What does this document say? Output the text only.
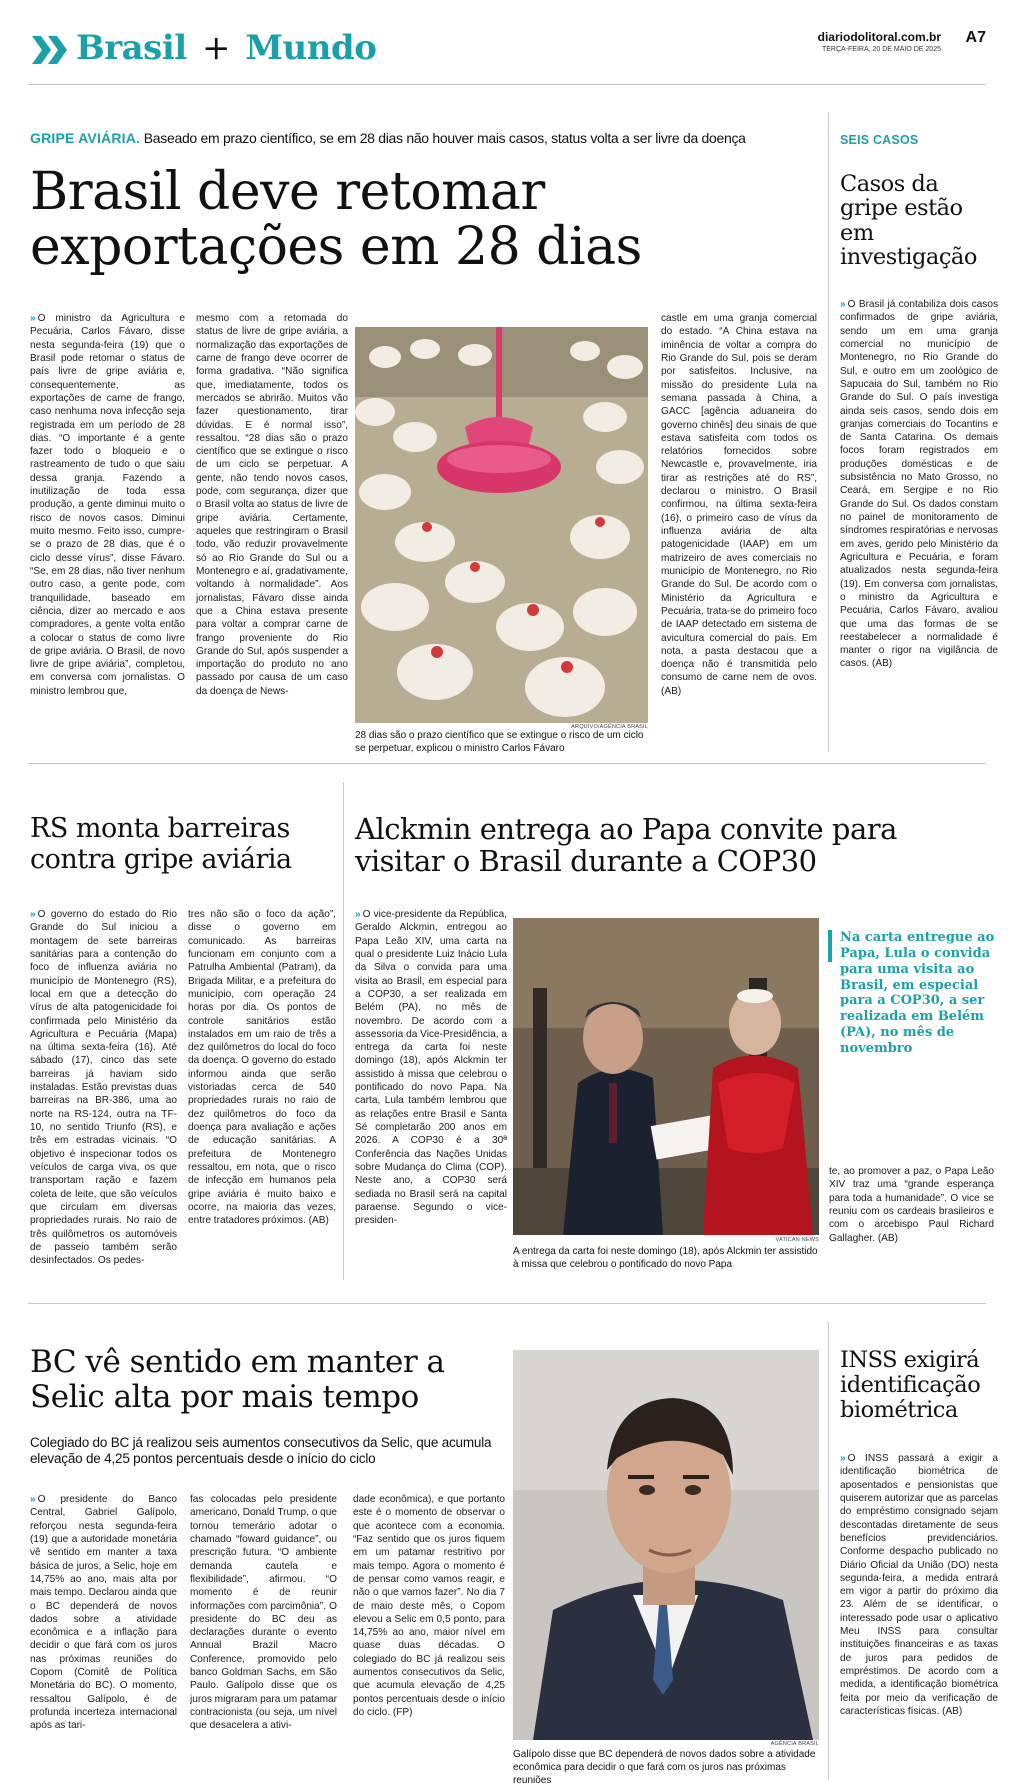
Brasil + Mundo	diariodolitoral.com.br
TERÇA-FEIRA, 20 DE MAIO DE 2025
A7
GRIPE AVIÁRIA. Baseado em prazo científico, se em 28 dias não houver mais casos, status volta a ser livre da doença
Brasil deve retomar
exportações em 28 dias
» O ministro da Agricultura e Pecuária, Carlos Fávaro, disse nesta segunda-feira (19) que o Brasil pode retomar o status de país livre de gripe aviária e, consequentemente, as exportações de carne de frango, caso nenhuma nova infecção seja registrada em um período de 28 dias. “O importante é a gente fazer todo o bloqueio e o rastreamento de tudo o que saiu dessa granja. Fazendo a inutilização de toda essa produção, a gente diminui muito o risco de novos casos. Diminui muito mesmo. Feito isso, cumpre-se o prazo de 28 dias, que é o ciclo desse vírus”, disse Fávaro. “Se, em 28 dias, não tiver nenhum outro caso, a gente pode, com tranquilidade, baseado em ciência, dizer ao mercado e aos compradores, a gente volta então a colocar o status de como livre de gripe aviária. O Brasil, de novo livre de gripe aviária”, completou, em conversa com jornalistas. O ministro lembrou que,
mesmo com a retomada do status de livre de gripe aviária, a normalização das exportações de carne de frango deve ocorrer de forma gradativa. “Não significa que, imediatamente, todos os mercados se abrirão. Muitos vão fazer questionamento, tirar dúvidas. E é normal isso”, ressaltou. “28 dias são o prazo científico que se extingue o risco de um ciclo se perpetuar. A gente, não tendo novos casos, pode, com segurança, dizer que o Brasil volta ao status de livre de gripe aviária. Certamente, aqueles que restringiram o Brasil todo, vão reduzir provavelmente só ao Rio Grande do Sul ou a Montenegro e aí, gradativamente, voltando à normalidade”. Aos jornalistas, Fávaro disse ainda que a China estava presente para voltar a comprar carne de frango proveniente do Rio Grande do Sul, após suspender a importação do produto no ano passado por causa de um caso da doença de News-
ARQUIVO/AGÊNCIA BRASIL
28 dias são o prazo científico que se extingue o risco de um ciclo se perpetuar, explicou o ministro Carlos Fávaro
castle em uma granja comercial do estado. “A China estava na iminência de voltar a compra do Rio Grande do Sul, pois se deram por satisfeitos. Inclusive, na missão do presidente Lula na semana passada à China, a GACC [agência aduaneira do governo chinês] deu sinais de que estava satisfeita com todos os relatórios fornecidos sobre Newcastle e, provavelmente, iria tirar as restrições até do RS”, declarou o ministro. O Brasil confirmou, na última sexta-feira (16), o primeiro caso de vírus da influenza aviária de alta patogenicidade (IAAP) em um matrizeiro de aves comerciais no município de Montenegro, no Rio Grande do Sul. De acordo com o Ministério da Agricultura e Pecuária, trata-se do primeiro foco de IAAP detectado em sistema de avicultura comercial do país. Em nota, a pasta destacou que a doença não é transmitida pelo consumo de carne nem de ovos. (AB)
SEIS CASOS
Casos da gripe estão em investigação
» O Brasil já contabiliza dois casos confirmados de gripe aviária, sendo um em uma granja comercial no município de Montenegro, no Rio Grande do Sul, e outro em um zoológico de Sapucaia do Sul, também no Rio Grande do Sul. O país investiga ainda seis casos, sendo dois em granjas comerciais do Tocantins e de Santa Catarina. Os demais focos foram registrados em produções domésticas e de subsistência no Mato Grosso, no Ceará, em Sergipe e no Rio Grande do Sul. Os dados constam no painel de monitoramento de síndromes respiratórias e nervosas em aves, gerido pelo Ministério da Agricultura e Pecuária, e foram atualizados nesta segunda-feira (19). Em conversa com jornalistas, o ministro da Agricultura e Pecuária, Carlos Fávaro, avaliou que uma das formas de se reestabelecer a normalidade é manter o rigor na vigilância de casos. (AB)
RS monta barreiras contra gripe aviária
» O governo do estado do Rio Grande do Sul iniciou a montagem de sete barreiras sanitárias para a contenção do foco de influenza aviária no município de Montenegro (RS), local em que a detecção do vírus de alta patogenicidade foi confirmada pelo Ministério da Agricultura e Pecuária (Mapa) na última sexta-feira (16). Até sábado (17), cinco das sete barreiras já haviam sido instaladas. Estão previstas duas barreiras na BR-386, uma ao norte na RS-124, outra na TF-10, no sentido Triunfo (RS), e três em estradas vicinais. “O objetivo é inspecionar todos os veículos de carga viva, os que transportam ração e fazem coleta de leite, que são veículos que circulam em diversas propriedades rurais. No raio de três quilômetros os automóveis de passeio também serão desinfectados. Os pedes-
tres não são o foco da ação”, disse o governo em comunicado. As barreiras funcionam em conjunto com a Patrulha Ambiental (Patram), da Brigada Militar, e a prefeitura do município, com operação 24 horas por dia. Os pontos de controle sanitários estão instalados em um raio de três a dez quilômetros do local do foco da doença. O governo do estado informou ainda que serão vistoriadas cerca de 540 propriedades rurais no raio de dez quilômetros do foco da doença para avaliação e ações de educação sanitárias. A prefeitura de Montenegro ressaltou, em nota, que o risco de infecção em humanos pela gripe aviária é muito baixo e ocorre, na maioria das vezes, entre tratadores próximos. (AB)
Alckmin entrega ao Papa convite para visitar o Brasil durante a COP30
» O vice-presidente da República, Geraldo Alckmin, entregou ao Papa Leão XIV, uma carta na qual o presidente Luiz Inácio Lula da Silva o convida para uma visita ao Brasil, em especial para a COP30, a ser realizada em Belém (PA), no mês de novembro. De acordo com a assessoria da Vice-Presidência, a entrega da carta foi neste domingo (18), após Alckmin ter assistido à missa que celebrou o pontificado do novo Papa. Na carta, Lula também lembrou que as relações entre Brasil e Santa Sé completarão 200 anos em 2026. A COP30 é a 30ª Conferência das Nações Unidas sobre Mudança do Clima (COP). Neste ano, a COP30 será sediada no Brasil será na capital paraense. Segundo o vice-presiden-
VATICAN NEWS
A entrega da carta foi neste domingo (18), após Alckmin ter assistido à missa que celebrou o pontificado do novo Papa
Na carta entregue ao Papa, Lula o convida para uma visita ao Brasil, em especial para a COP30, a ser realizada em Belém (PA), no mês de novembro
te, ao promover a paz, o Papa Leão XIV traz uma “grande esperança para toda a humanidade”. O vice se reuniu com os cardeais brasileiros e com o arcebispo Paul Richard Gallagher. (AB)
BC vê sentido em manter a Selic alta por mais tempo
Colegiado do BC já realizou seis aumentos consecutivos da Selic, que acumula elevação de 4,25 pontos percentuais desde o início do ciclo
» O presidente do Banco Central, Gabriel Galípolo, reforçou nesta segunda-feira (19) que a autoridade monetária vê sentido em manter a taxa básica de juros, a Selic, hoje em 14,75% ao ano, mais alta por mais tempo. Declarou ainda que o BC dependerá de novos dados sobre a atividade econômica e a inflação para decidir o que fará com os juros nas próximas reuniões do Copom (Comitê de Política Monetária do BC). O momento, ressaltou Galípolo, é de profunda incerteza internacional após as tari-
fas colocadas pelo presidente americano, Donald Trump, o que tornou temerário adotar o chamado “foward guidance”, ou prescrição futura. “O ambiente demanda cautela e flexibilidade”, afirmou. “O momento é de reunir informações com parcimônia”. O presidente do BC deu as declarações durante o evento Annual Brazil Macro Conference, promovido pelo banco Goldman Sachs, em São Paulo. Galípolo disse que os juros migraram para um patamar contracionista (ou seja, um nível que desacelera a ativi-
dade econômica), e que portanto este é o momento de observar o que acontece com a economia. “Faz sentido que os juros fiquem em um patamar restritivo por mais tempo. Agora o momento é de pensar como vamos reagir, e não o que vamos fazer”. No dia 7 de maio deste mês, o Copom elevou a Selic em 0,5 ponto, para 14,75% ao ano, maior nível em quase duas décadas. O colegiado do BC já realizou seis aumentos consecutivos da Selic, que acumula elevação de 4,25 pontos percentuais desde o início do ciclo. (FP)
AGÊNCIA BRASIL
Galípolo disse que BC dependerá de novos dados sobre a atividade econômica para decidir o que fará com os juros nas próximas reuniões
INSS exigirá identificação biométrica
» O INSS passará a exigir a identificação biométrica de aposentados e pensionistas que quiserem autorizar que as parcelas do empréstimo consignado sejam descontadas diretamente de seus benefícios previdenciários. Conforme despacho publicado no Diário Oficial da União (DO) nesta segunda-feira, a medida entrará em vigor a partir do próximo dia 23. Além de se identificar, o interessado pode usar o aplicativo Meu INSS para consultar instituições financeiras e as taxas de juros para pedidos de empréstimos. De acordo com a medida, a identificação biométrica feita por meio da verificação de características físicas. (AB)
